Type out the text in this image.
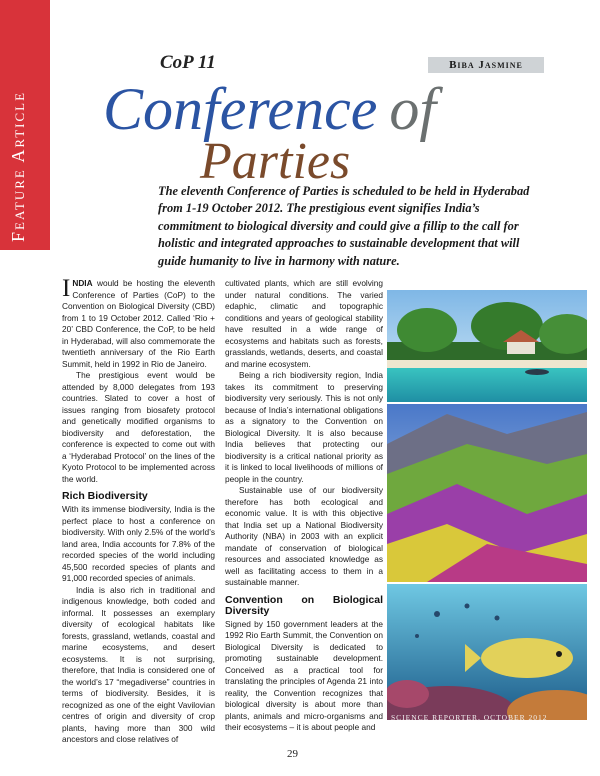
Feature Article
CoP 11	Biba Jasmine
Conference of
Parties
The eleventh Conference of Parties is scheduled to be held in Hyderabad from 1-19 October 2012. The prestigious event signifies India’s commitment to biological diversity and could give a fillip to the call for holistic and integrated approaches to sustainable development that will guide humanity to live in harmony with nature.

INDIA would be hosting the eleventh Conference of Parties (CoP) to the Convention on Biological Diversity (CBD) from 1 to 19 October 2012. Called ‘Rio + 20’ CBD Conference, the CoP, to be held in Hyderabad, will also commemorate the twentieth anniversary of the Rio Earth Summit, held in 1992 in Rio de Janeiro.

The prestigious event would be attended by 8,000 delegates from 193 countries. Slated to cover a host of issues ranging from biosafety protocol and genetically modified organisms to biodiversity and deforestation, the conference is expected to come out with a ‘Hyderabad Protocol’ on the lines of the Kyoto Protocol to be implemented across the world.

Rich Biodiversity

With its immense biodiversity, India is the perfect place to host a conference on biodiversity. With only 2.5% of the world’s land area, India accounts for 7.8% of the recorded species of the world including 45,500 recorded species of plants and 91,000 recorded species of animals.

India is also rich in traditional and indigenous knowledge, both coded and informal. It possesses an exemplary diversity of ecological habitats like forests, grassland, wetlands, coastal and marine ecosystems, and desert ecosystems. It is not surprising, therefore, that India is considered one of the world’s 17 “megadiverse” countries in terms of biodiversity. Besides, it is recognized as one of the eight Vavilovian centres of origin and diversity of crop plants, having more than 300 wild ancestors and close relatives of

cultivated plants, which are still evolving under natural conditions. The varied edaphic, climatic and topographic conditions and years of geological stability have resulted in a wide range of ecosystems and habitats such as forests, grasslands, wetlands, deserts, and coastal and marine ecosystem.

Being a rich biodiversity region, India takes its commitment to preserving biodiversity very seriously. This is not only because of India’s international obligations as a signatory to the Convention on Biological Diversity. It is also because India believes that protecting our biodiversity is a critical national priority as it is linked to local livelihoods of millions of people in the country.

Sustainable use of our biodiversity therefore has both ecological and economic value. It is with this objective that India set up a National Biodiversity Authority (NBA) in 2003 with an explicit mandate of conservation of biological resources and associated knowledge as well as facilitating access to them in a sustainable manner.

Convention on Biological Diversity

Signed by 150 government leaders at the 1992 Rio Earth Summit, the Convention on Biological Diversity is dedicated to promoting sustainable development. Conceived as a practical tool for translating the principles of Agenda 21 into reality, the Convention recognizes that biological diversity is about more than plants, animals and micro-organisms and their ecosystems – it is about people and

SCIENCE REPORTER, OCTOBER 2012
29
